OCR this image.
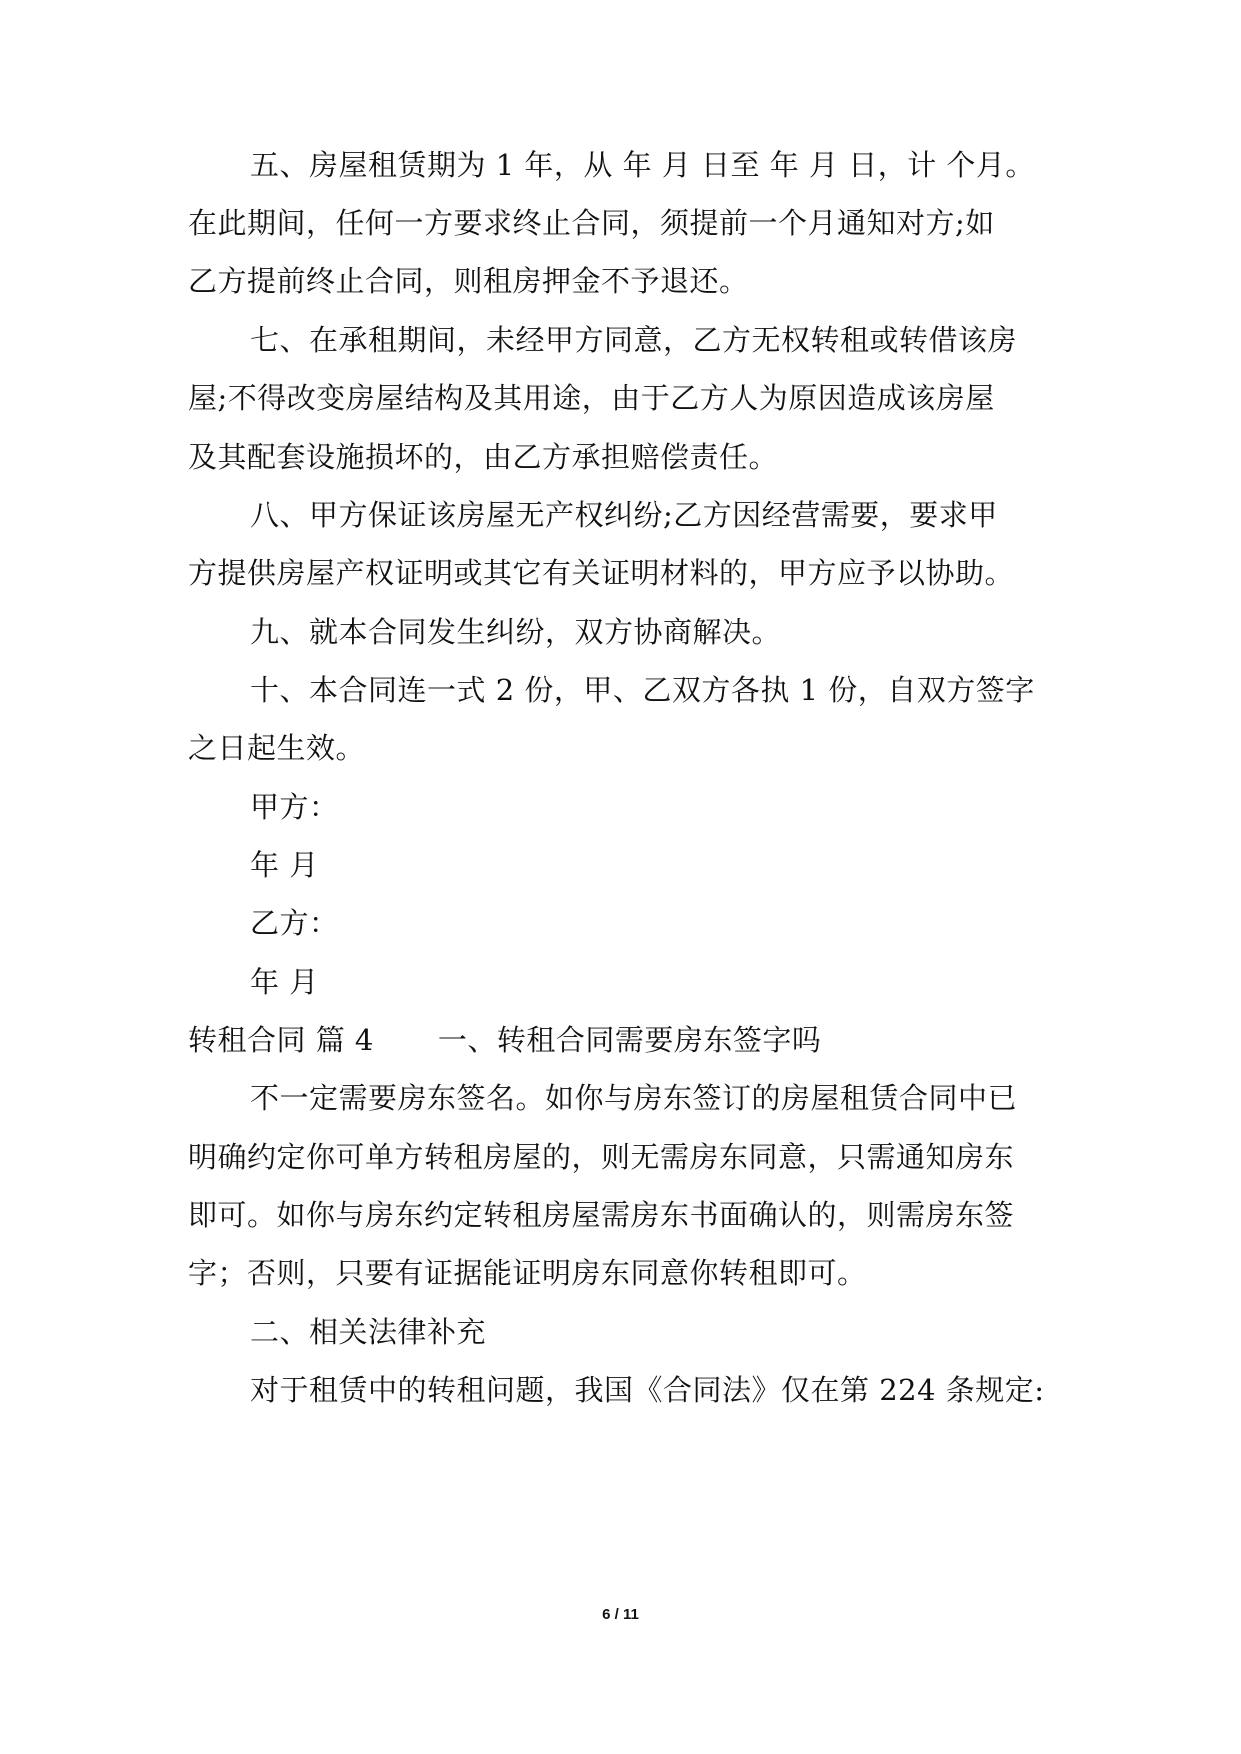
五、房屋租赁期为 1 年，从 年 月 日至 年 月 日，计 个月。
在此期间，任何一方要求终止合同，须提前一个月通知对方;如
乙方提前终止合同，则租房押金不予退还。
七、在承租期间，未经甲方同意，乙方无权转租或转借该房
屋;不得改变房屋结构及其用途，由于乙方人为原因造成该房屋
及其配套设施损坏的，由乙方承担赔偿责任。
八、甲方保证该房屋无产权纠纷;乙方因经营需要，要求甲
方提供房屋产权证明或其它有关证明材料的，甲方应予以协助。
九、就本合同发生纠纷，双方协商解决。
十、本合同连一式 2 份，甲、乙双方各执 1 份，自双方签字
之日起生效。
甲方：
年 月
乙方：
年 月
转租合同 篇 4 一、转租合同需要房东签字吗
不一定需要房东签名。如你与房东签订的房屋租赁合同中已
明确约定你可单方转租房屋的，则无需房东同意，只需通知房东
即可。如你与房东约定转租房屋需房东书面确认的，则需房东签
字；否则，只要有证据能证明房东同意你转租即可。
二、相关法律补充
对于租赁中的转租问题，我国《合同法》仅在第 224 条规定:
6 / 11
